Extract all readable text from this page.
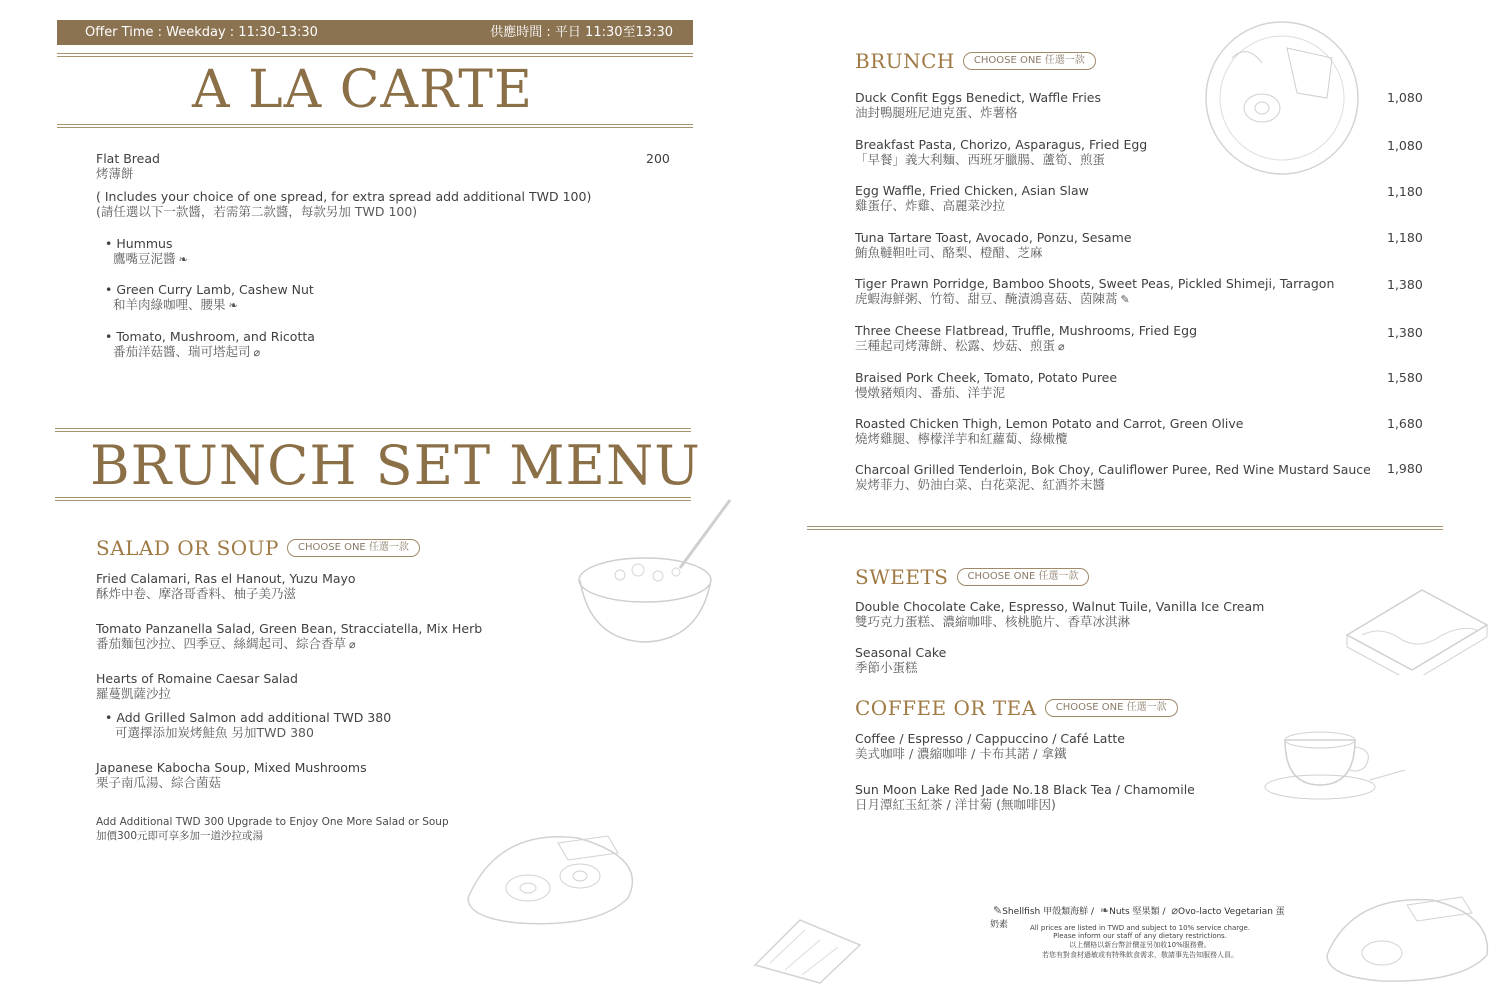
Offer Time : Weekday : 11:30-13:30	供應時間 : 平日 11:30至13:30
A LA CARTE
Flat Bread
烤薄餅
200
( Includes your choice of one spread, for extra spread add additional TWD 100)
(請任選以下一款醬，若需第二款醬，每款另加 TWD 100)
• Hummus
鷹嘴豆泥醬 ❧
• Green Curry Lamb, Cashew Nut
和羊肉綠咖哩、腰果 ❧
• Tomato, Mushroom, and Ricotta
番茄洋菇醬、瑞可塔起司 ⌀
BRUNCH SET MENU
SALAD OR SOUP	CHOOSE ONE 任選一款
Fried Calamari, Ras el Hanout, Yuzu Mayo
酥炸中卷、摩洛哥香料、柚子美乃滋
Tomato Panzanella Salad, Green Bean, Stracciatella, Mix Herb
番茄麵包沙拉、四季豆、絲綢起司、綜合香草 ⌀
Hearts of Romaine Caesar Salad
羅蔓凱薩沙拉
• Add Grilled Salmon add additional TWD 380
可選擇添加炭烤鮭魚 另加TWD 380
Japanese Kabocha Soup, Mixed Mushrooms
栗子南瓜湯、綜合菌菇
Add Additional TWD 300 Upgrade to Enjoy One More Salad or Soup
加價300元即可享多加一道沙拉或湯
BRUNCH	CHOOSE ONE 任選一款
Duck Confit Eggs Benedict, Waffle Fries
油封鴨腿班尼迪克蛋、炸薯格
1,080
Breakfast Pasta, Chorizo, Asparagus, Fried Egg
「早餐」義大利麵、西班牙臘腸、蘆筍、煎蛋
1,080
Egg Waffle, Fried Chicken, Asian Slaw
雞蛋仔、炸雞、高麗菜沙拉
1,180
Tuna Tartare Toast, Avocado, Ponzu, Sesame
鮪魚韃靼吐司、酪梨、橙醋、芝麻
1,180
Tiger Prawn Porridge, Bamboo Shoots, Sweet Peas, Pickled Shimeji, Tarragon
虎蝦海鮮粥、竹筍、甜豆、醃漬鴻喜菇、茵陳蒿 ✎
1,380
Three Cheese Flatbread, Truffle, Mushrooms, Fried Egg
三種起司烤薄餅、松露、炒菇、煎蛋 ⌀
1,380
Braised Pork Cheek, Tomato, Potato Puree
慢燉豬頰肉、番茄、洋芋泥
1,580
Roasted Chicken Thigh, Lemon Potato and Carrot, Green Olive
燒烤雞腿、檸檬洋芋和紅蘿蔔、綠橄欖
1,680
Charcoal Grilled Tenderloin, Bok Choy, Cauliflower Puree, Red Wine Mustard Sauce
炭烤菲力、奶油白菜、白花菜泥、紅酒芥末醬
1,980
SWEETS	CHOOSE ONE 任選一款
Double Chocolate Cake, Espresso, Walnut Tuile, Vanilla Ice Cream
雙巧克力蛋糕、濃縮咖啡、核桃脆片、香草冰淇淋
Seasonal Cake
季節小蛋糕
COFFEE OR TEA	CHOOSE ONE 任選一款
Coffee / Espresso / Cappuccino / Café Latte
美式咖啡 / 濃縮咖啡 / 卡布其諾 / 拿鐵
Sun Moon Lake Red Jade No.18 Black Tea / Chamomile
日月潭紅玉紅茶 / 洋甘菊 (無咖啡因)
✎Shellfish 甲殼類海鮮 / ❧Nuts 堅果類 / ⌀Ovo-lacto Vegetarian 蛋奶素	All prices are listed in TWD and subject to 10% service charge.
Please inform our staff of any dietary restrictions.
以上價格以新台幣計價並另加收10%服務費。
若您有對食材過敏或有特殊飲食需求，敬請事先告知服務人員。
